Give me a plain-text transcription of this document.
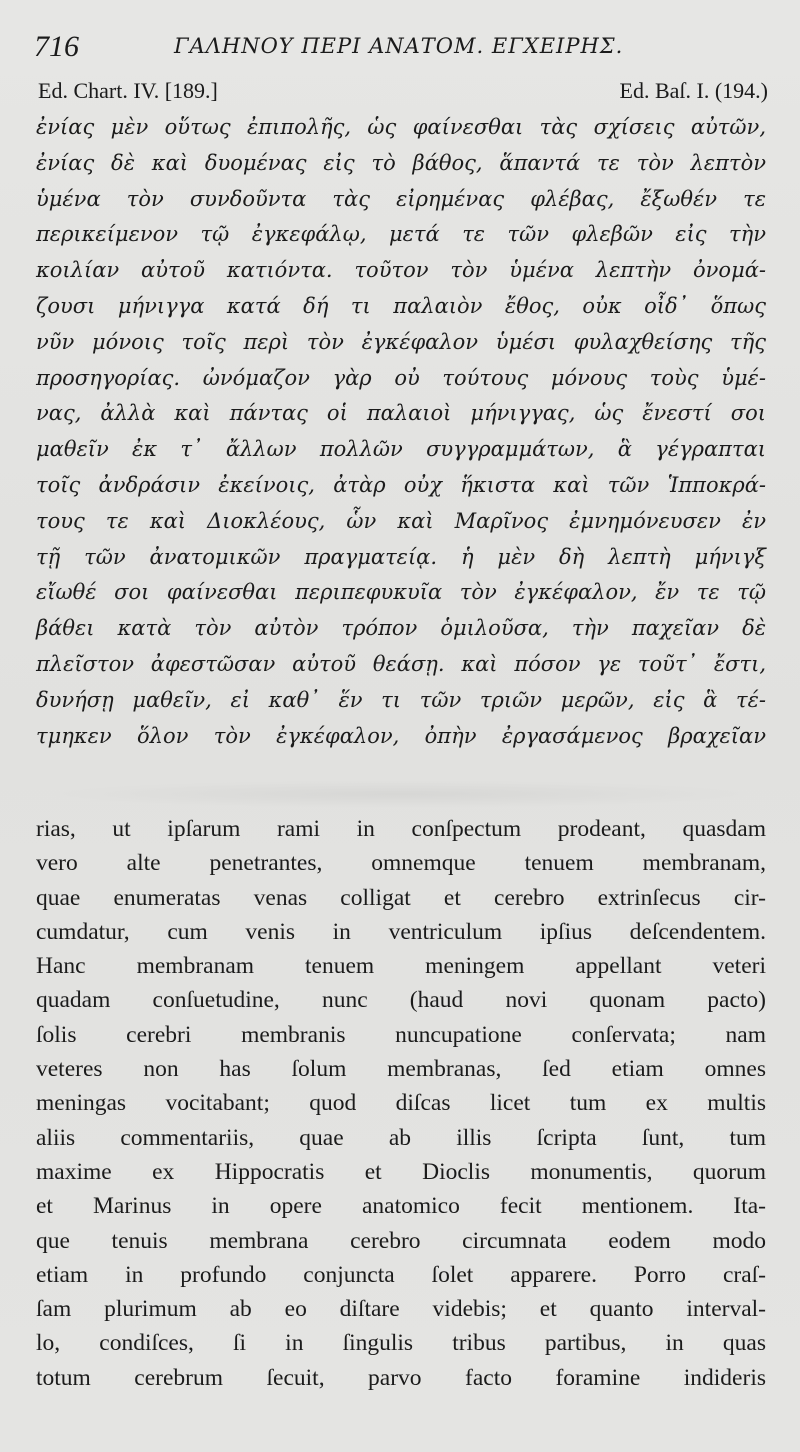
716	ΓΑΛΗΝΟΥ ΠΕΡΙ ΑΝΑΤΟΜ. ΕΓΧΕΙΡΗΣ.
Ed. Chart. IV. [189.]	Ed. Baſ. I. (194.)
ἐνίας μὲν οὕτως ἐπιπολῆς, ὡς φαίνεσθαι τὰς σχίσεις αὐτῶν,
ἐνίας δὲ καὶ δυομένας εἰς τὸ βάθος, ἅπαντά τε τὸν λεπτὸν
ὑμένα τὸν συνδοῦντα τὰς εἰρημένας φλέβας, ἔξωθέν τε
περικείμενον τῷ ἐγκεφάλῳ, μετά τε τῶν φλεβῶν εἰς τὴν
κοιλίαν αὐτοῦ κατιόντα. τοῦτον τὸν ὑμένα λεπτὴν ὀνομά-
ζουσι μήνιγγα κατά δή τι παλαιὸν ἔθος, οὐκ οἶδ᾽ ὅπως
νῦν μόνοις τοῖς περὶ τὸν ἐγκέφαλον ὑμέσι φυλαχθείσης τῆς
προσηγορίας. ὠνόμαζον γὰρ οὐ τούτους μόνους τοὺς ὑμέ-
νας, ἀλλὰ καὶ πάντας οἱ παλαιοὶ μήνιγγας, ὡς ἔνεστί σοι
μαθεῖν ἐκ τ᾽ ἄλλων πολλῶν συγγραμμάτων, ἃ γέγραπται
τοῖς ἀνδράσιν ἐκείνοις, ἀτὰρ οὐχ ἥκιστα καὶ τῶν Ἱπποκρά-
τους τε καὶ Διοκλέους, ὧν καὶ Μαρῖνος ἐμνημόνευσεν ἐν
τῇ τῶν ἀνατομικῶν πραγματείᾳ. ἡ μὲν δὴ λεπτὴ μήνιγξ
εἴωθέ σοι φαίνεσθαι περιπεφυκυῖα τὸν ἐγκέφαλον, ἔν τε τῷ
βάθει κατὰ τὸν αὐτὸν τρόπον ὁμιλοῦσα, τὴν παχεῖαν δὲ
πλεῖστον ἀφεστῶσαν αὐτοῦ θεάσῃ. καὶ πόσον γε τοῦτ᾽ ἔστι,
δυνήσῃ μαθεῖν, εἰ καθ᾽ ἕν τι τῶν τριῶν μερῶν, εἰς ἃ τέ-
τμηκεν ὅλον τὸν ἐγκέφαλον, ὀπὴν ἐργασάμενος βραχεῖαν
rias, ut ipſarum rami in conſpectum prodeant, quasdam
vero alte penetrantes, omnemque tenuem membranam,
quae enumeratas venas colligat et cerebro extrinſecus cir-
cumdatur, cum venis in ventriculum ipſius deſcendentem.
Hanc membranam tenuem meningem appellant veteri
quadam conſuetudine, nunc (haud novi quonam pacto)
ſolis cerebri membranis nuncupatione conſervata; nam
veteres non has ſolum membranas, ſed etiam omnes
meningas vocitabant; quod diſcas licet tum ex multis
aliis commentariis, quae ab illis ſcripta ſunt, tum
maxime ex Hippocratis et Dioclis monumentis, quorum
et Marinus in opere anatomico fecit mentionem. Ita-
que tenuis membrana cerebro circumnata eodem modo
etiam in profundo conjuncta ſolet apparere. Porro craſ-
ſam plurimum ab eo diſtare videbis; et quanto interval-
lo, condiſces, ſi in ſingulis tribus partibus, in quas
totum cerebrum ſecuit, parvo facto foramine indideris
